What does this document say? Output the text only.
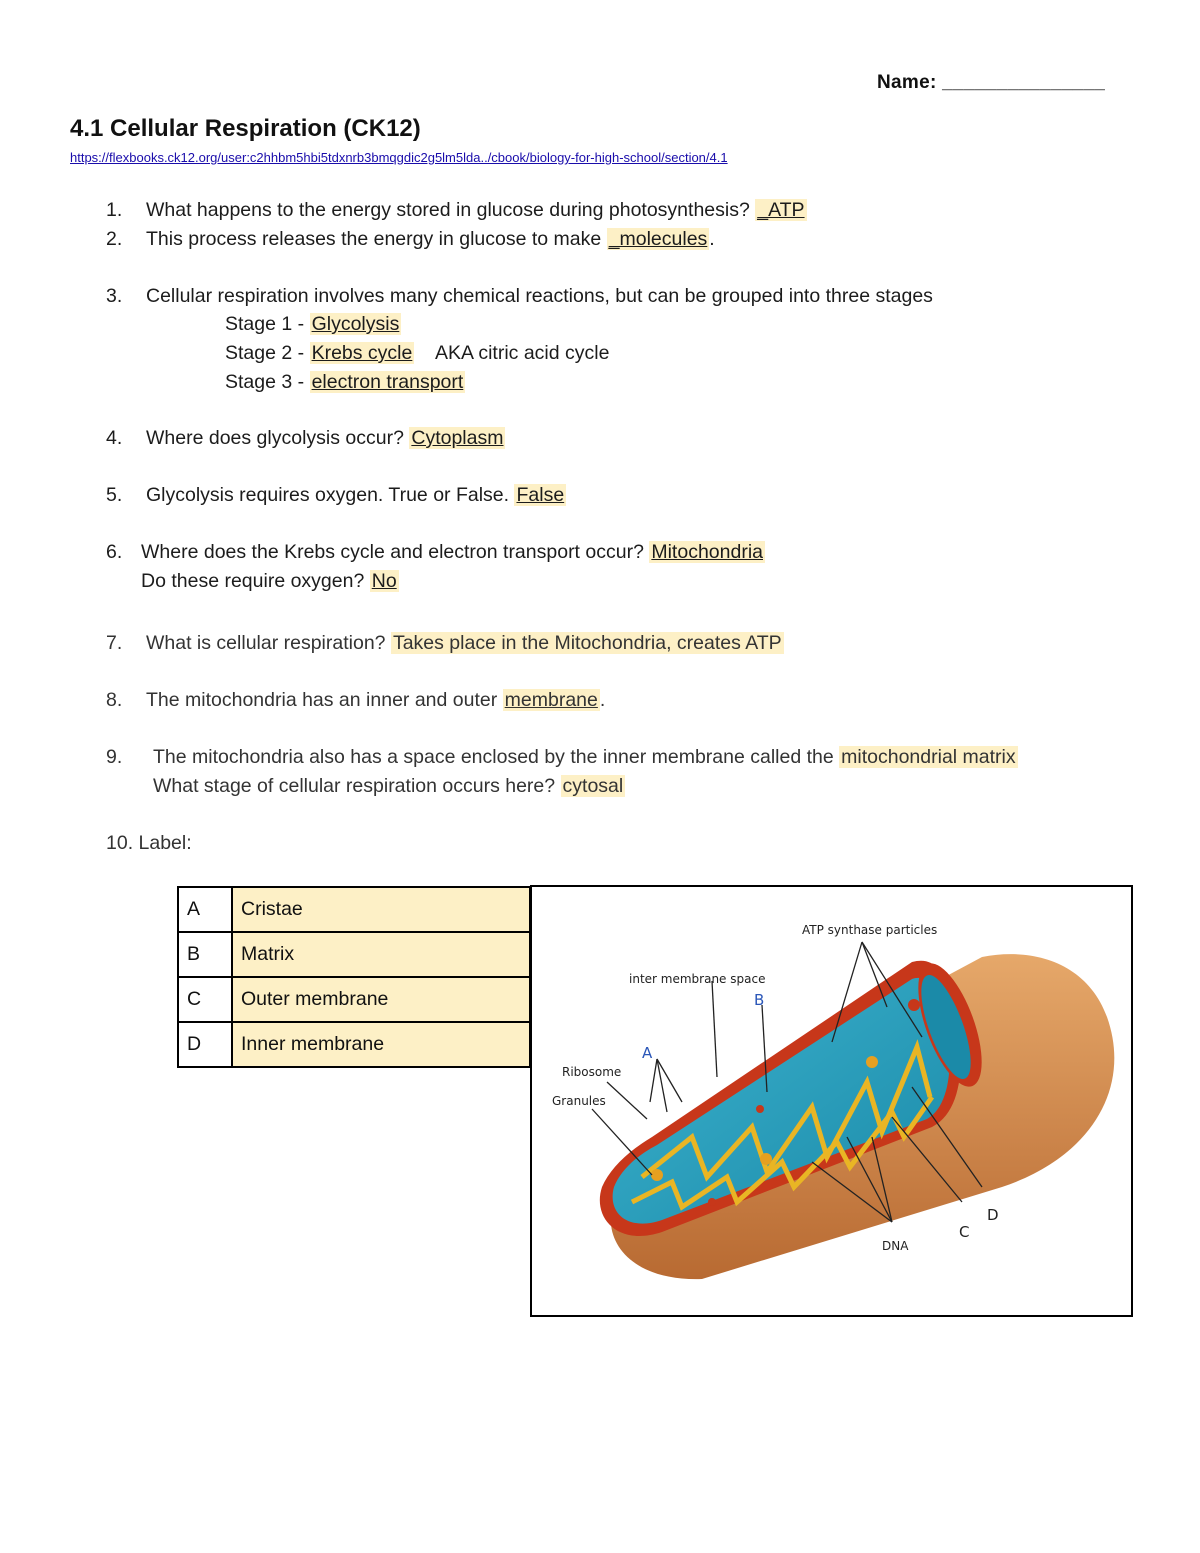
Name: _______________
4.1 Cellular Respiration (CK12)
https://flexbooks.ck12.org/user:c2hhbm5hbi5tdxnrb3bmqgdic2g5lm5lda../cbook/biology-for-high-school/section/4.1
1. What happens to the energy stored in glucose during photosynthesis? _ATP
2. This process releases the energy in glucose to make _molecules .
3. Cellular respiration involves many chemical reactions, but can be grouped into three stages
Stage 1 - Glycolysis
Stage 2 - Krebs cycle AKA citric acid cycle
Stage 3 - electron transport
4. Where does glycolysis occur? Cytoplasm
5. Glycolysis requires oxygen. True or False. False
6. Where does the Krebs cycle and electron transport occur? Mitochondria
Do these require oxygen? No
7. What is cellular respiration? Takes place in the Mitochondria, creates ATP
8. The mitochondria has an inner and outer membrane .
9. The mitochondria also has a space enclosed by the inner membrane called the mitochondrial matrix
What stage of cellular respiration occurs here? cytosal
10. Label:
A	Cristae
B	Matrix
C	Outer membrane
D	Inner membrane
ATP synthase particles
inter membrane space
B
A
Ribosome
Granules
DNA
C
D
